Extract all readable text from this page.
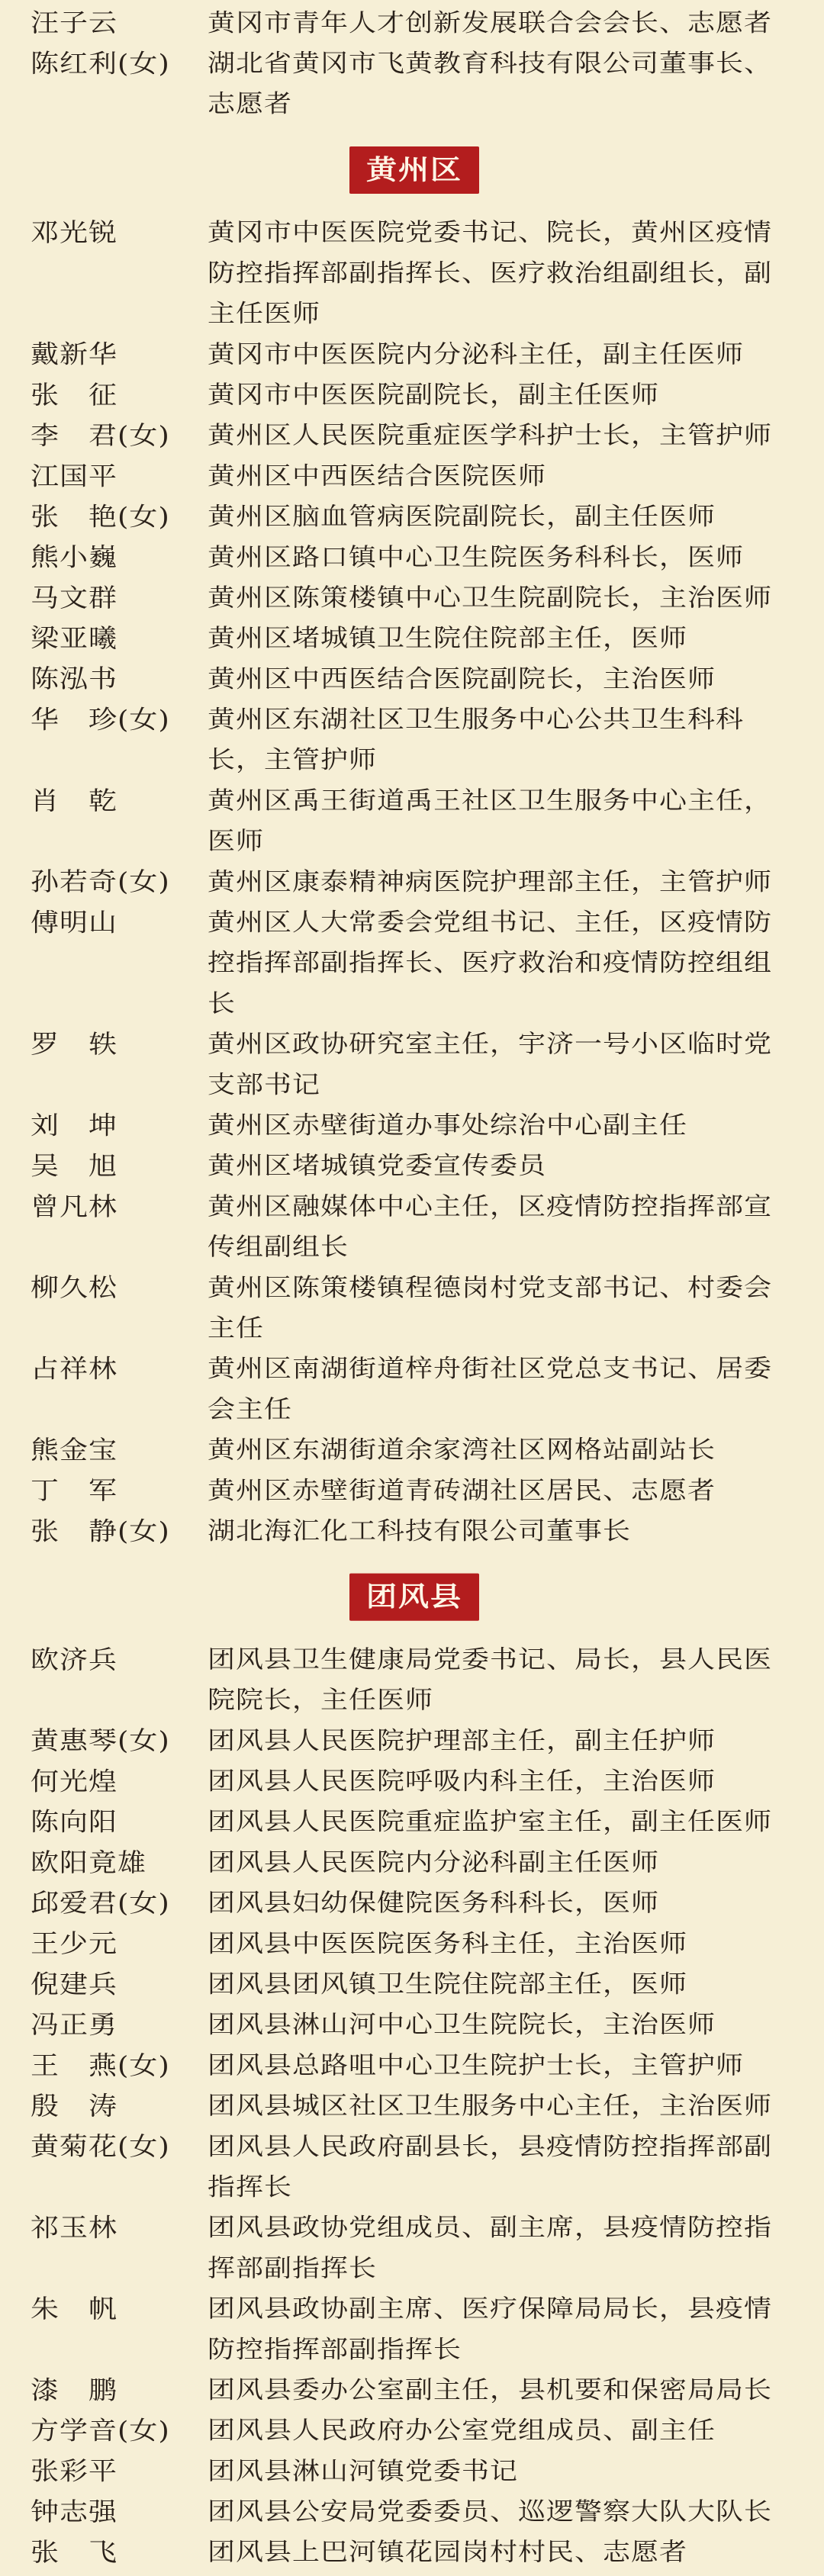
汪子云	黄冈市青年人才创新发展联合会会长、志愿者
陈红利(女)	湖北省黄冈市飞黄教育科技有限公司董事长、志愿者
黄州区
邓光锐	黄冈市中医医院党委书记、院长，黄州区疫情防控指挥部副指挥长、医疗救治组副组长，副主任医师
戴新华	黄冈市中医医院内分泌科主任，副主任医师
张　征	黄冈市中医医院副院长，副主任医师
李　君(女)	黄州区人民医院重症医学科护士长，主管护师
江国平	黄州区中西医结合医院医师
张　艳(女)	黄州区脑血管病医院副院长，副主任医师
熊小巍	黄州区路口镇中心卫生院医务科科长，医师
马文群	黄州区陈策楼镇中心卫生院副院长，主治医师
梁亚曦	黄州区堵城镇卫生院住院部主任，医师
陈泓书	黄州区中西医结合医院副院长，主治医师
华　珍(女)	黄州区东湖社区卫生服务中心公共卫生科科长，主管护师
肖　乾	黄州区禹王街道禹王社区卫生服务中心主任，医师
孙若奇(女)	黄州区康泰精神病医院护理部主任，主管护师
傅明山	黄州区人大常委会党组书记、主任，区疫情防控指挥部副指挥长、医疗救治和疫情防控组组长
罗　轶	黄州区政协研究室主任，宇济一号小区临时党支部书记
刘　坤	黄州区赤壁街道办事处综治中心副主任
吴　旭	黄州区堵城镇党委宣传委员
曾凡林	黄州区融媒体中心主任，区疫情防控指挥部宣传组副组长
柳久松	黄州区陈策楼镇程德岗村党支部书记、村委会主任
占祥林	黄州区南湖街道梓舟街社区党总支书记、居委会主任
熊金宝	黄州区东湖街道余家湾社区网格站副站长
丁　军	黄州区赤壁街道青砖湖社区居民、志愿者
张　静(女)	湖北海汇化工科技有限公司董事长
团风县
欧济兵	团风县卫生健康局党委书记、局长，县人民医院院长，主任医师
黄惠琴(女)	团风县人民医院护理部主任，副主任护师
何光煌	团风县人民医院呼吸内科主任，主治医师
陈向阳	团风县人民医院重症监护室主任，副主任医师
欧阳竟雄	团风县人民医院内分泌科副主任医师
邱爱君(女)	团风县妇幼保健院医务科科长，医师
王少元	团风县中医医院医务科主任，主治医师
倪建兵	团风县团风镇卫生院住院部主任，医师
冯正勇	团风县淋山河中心卫生院院长，主治医师
王　燕(女)	团风县总路咀中心卫生院护士长，主管护师
殷　涛	团风县城区社区卫生服务中心主任，主治医师
黄菊花(女)	团风县人民政府副县长，县疫情防控指挥部副指挥长
祁玉林	团风县政协党组成员、副主席，县疫情防控指挥部副指挥长
朱　帆	团风县政协副主席、医疗保障局局长，县疫情防控指挥部副指挥长
漆　鹏	团风县委办公室副主任，县机要和保密局局长
方学音(女)	团风县人民政府办公室党组成员、副主任
张彩平	团风县淋山河镇党委书记
钟志强	团风县公安局党委委员、巡逻警察大队大队长
张　飞	团风县上巴河镇花园岗村村民、志愿者
